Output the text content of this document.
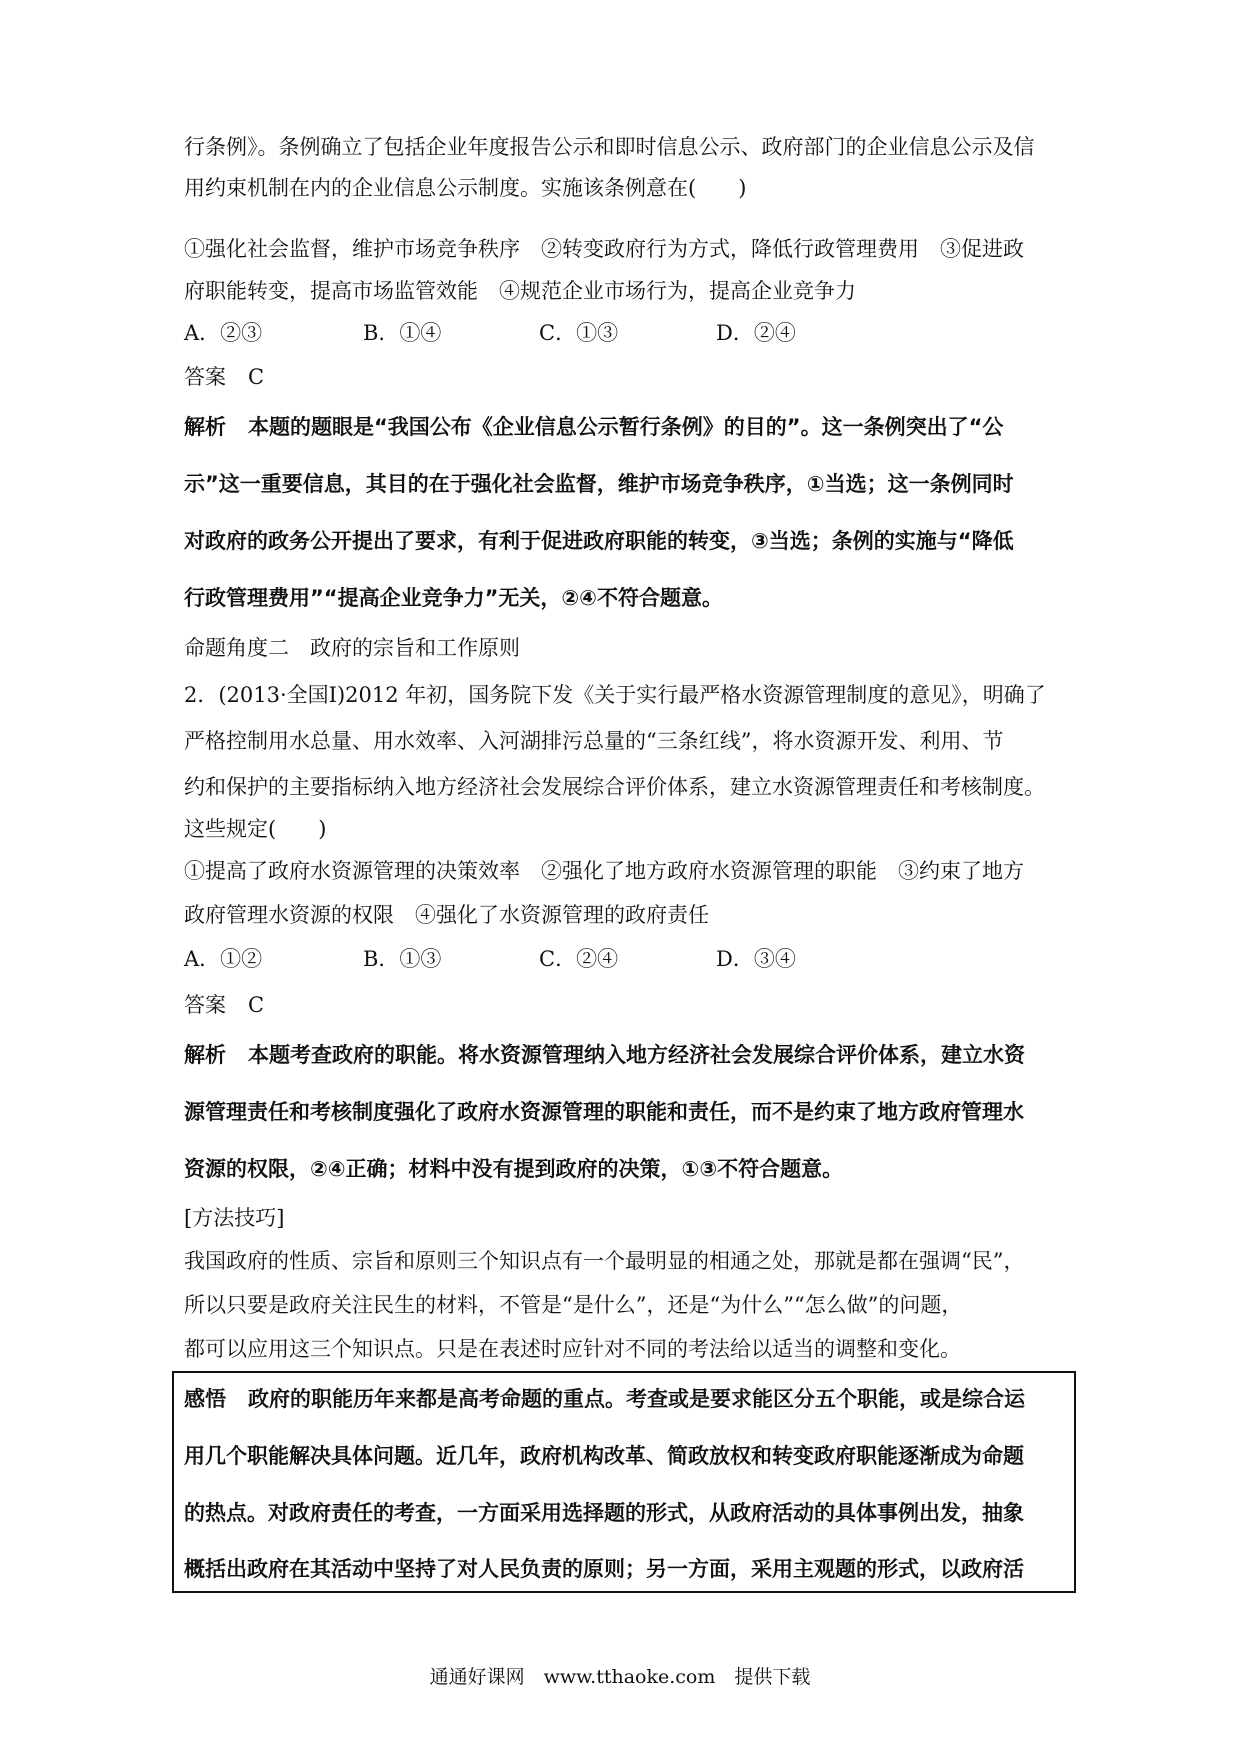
行条例》。条例确立了包括企业年度报告公示和即时信息公示、政府部门的企业信息公示及信
用约束机制在内的企业信息公示制度。实施该条例意在(　　)
①强化社会监督，维护市场竞争秩序　②转变政府行为方式，降低行政管理费用　③促进政
府职能转变，提高市场监管效能　④规范企业市场行为，提高企业竞争力
A．②③	B．①④	C．①③	D．②④
答案 C
解析 本题的题眼是“我国公布《企业信息公示暂行条例》的目的”。这一条例突出了“公
示”这一重要信息，其目的在于强化社会监督，维护市场竞争秩序，①当选；这一条例同时
对政府的政务公开提出了要求，有利于促进政府职能的转变，③当选；条例的实施与“降低
行政管理费用”“提高企业竞争力”无关，②④不符合题意。
命题角度二　政府的宗旨和工作原则
2．(2013·全国Ⅰ)2012 年初，国务院下发《关于实行最严格水资源管理制度的意见》，明确了
严格控制用水总量、用水效率、入河湖排污总量的“三条红线”，将水资源开发、利用、节
约和保护的主要指标纳入地方经济社会发展综合评价体系，建立水资源管理责任和考核制度。
这些规定(　　)
①提高了政府水资源管理的决策效率　②强化了地方政府水资源管理的职能　③约束了地方
政府管理水资源的权限　④强化了水资源管理的政府责任
A．①②	B．①③	C．②④	D．③④
答案 C
解析 本题考查政府的职能。将水资源管理纳入地方经济社会发展综合评价体系，建立水资
源管理责任和考核制度强化了政府水资源管理的职能和责任，而不是约束了地方政府管理水
资源的权限，②④正确；材料中没有提到政府的决策，①③不符合题意。
[方法技巧]
我国政府的性质、宗旨和原则三个知识点有一个最明显的相通之处，那就是都在强调“民”，
所以只要是政府关注民生的材料，不管是“是什么”，还是“为什么”“怎么做”的问题，
都可以应用这三个知识点。只是在表述时应针对不同的考法给以适当的调整和变化。
感悟 政府的职能历年来都是高考命题的重点。考查或是要求能区分五个职能，或是综合运
用几个职能解决具体问题。近几年，政府机构改革、简政放权和转变政府职能逐渐成为命题
的热点。对政府责任的考查，一方面采用选择题的形式，从政府活动的具体事例出发，抽象
概括出政府在其活动中坚持了对人民负责的原则；另一方面，采用主观题的形式，以政府活
通通好课网　www.tthaoke.com　提供下载
